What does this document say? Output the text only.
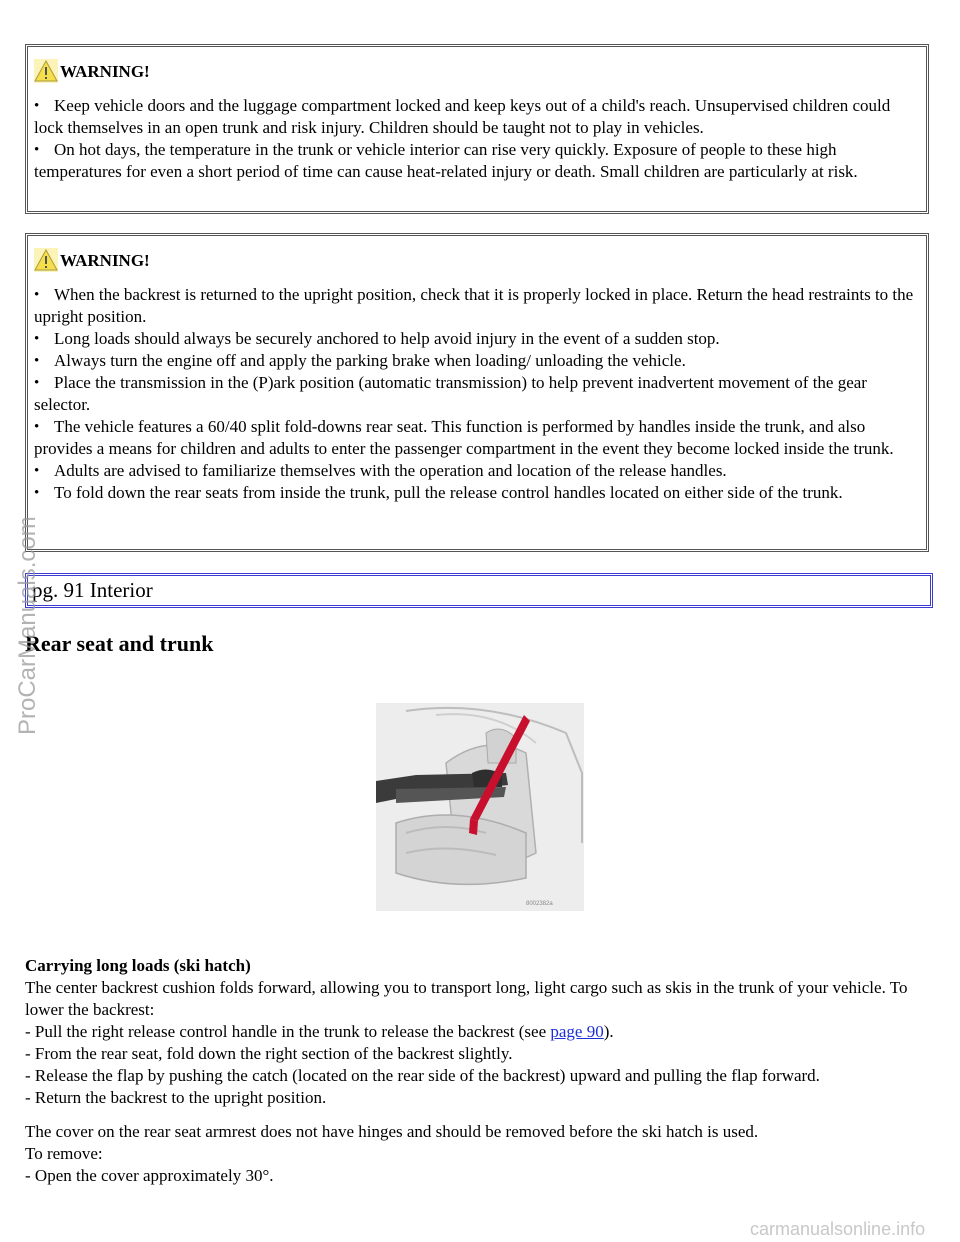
WARNING!
• Keep vehicle doors and the luggage compartment locked and keep keys out of a child's reach. Unsupervised children could lock themselves in an open trunk and risk injury. Children should be taught not to play in vehicles.
• On hot days, the temperature in the trunk or vehicle interior can rise very quickly. Exposure of people to these high temperatures for even a short period of time can cause heat-related injury or death. Small children are particularly at risk.
WARNING!
• When the backrest is returned to the upright position, check that it is properly locked in place. Return the head restraints to the upright position.
• Long loads should always be securely anchored to help avoid injury in the event of a sudden stop.
• Always turn the engine off and apply the parking brake when loading/ unloading the vehicle.
• Place the transmission in the (P)ark position (automatic transmission) to help prevent inadvertent movement of the gear selector.
• The vehicle features a 60/40 split fold-downs rear seat. This function is performed by handles inside the trunk, and also provides a means for children and adults to enter the passenger compartment in the event they become locked inside the trunk.
• Adults are advised to familiarize themselves with the operation and location of the release handles.
• To fold down the rear seats from inside the trunk, pull the release control handles located on either side of the trunk.
pg. 91 Interior
Rear seat and trunk
8002382a

Carrying long loads (ski hatch)

The center backrest cushion folds forward, allowing you to transport long, light cargo such as skis in the trunk of your vehicle. To lower the backrest:

- Pull the right release control handle in the trunk to release the backrest (see page 90).

- From the rear seat, fold down the right section of the backrest slightly.

- Release the flap by pushing the catch (located on the rear side of the backrest) upward and pulling the flap forward.

- Return the backrest to the upright position.

The cover on the rear seat armrest does not have hinges and should be removed before the ski hatch is used.

To remove:

- Open the cover approximately 30°.

ProCarManuals.com
carmanualsonline.info
